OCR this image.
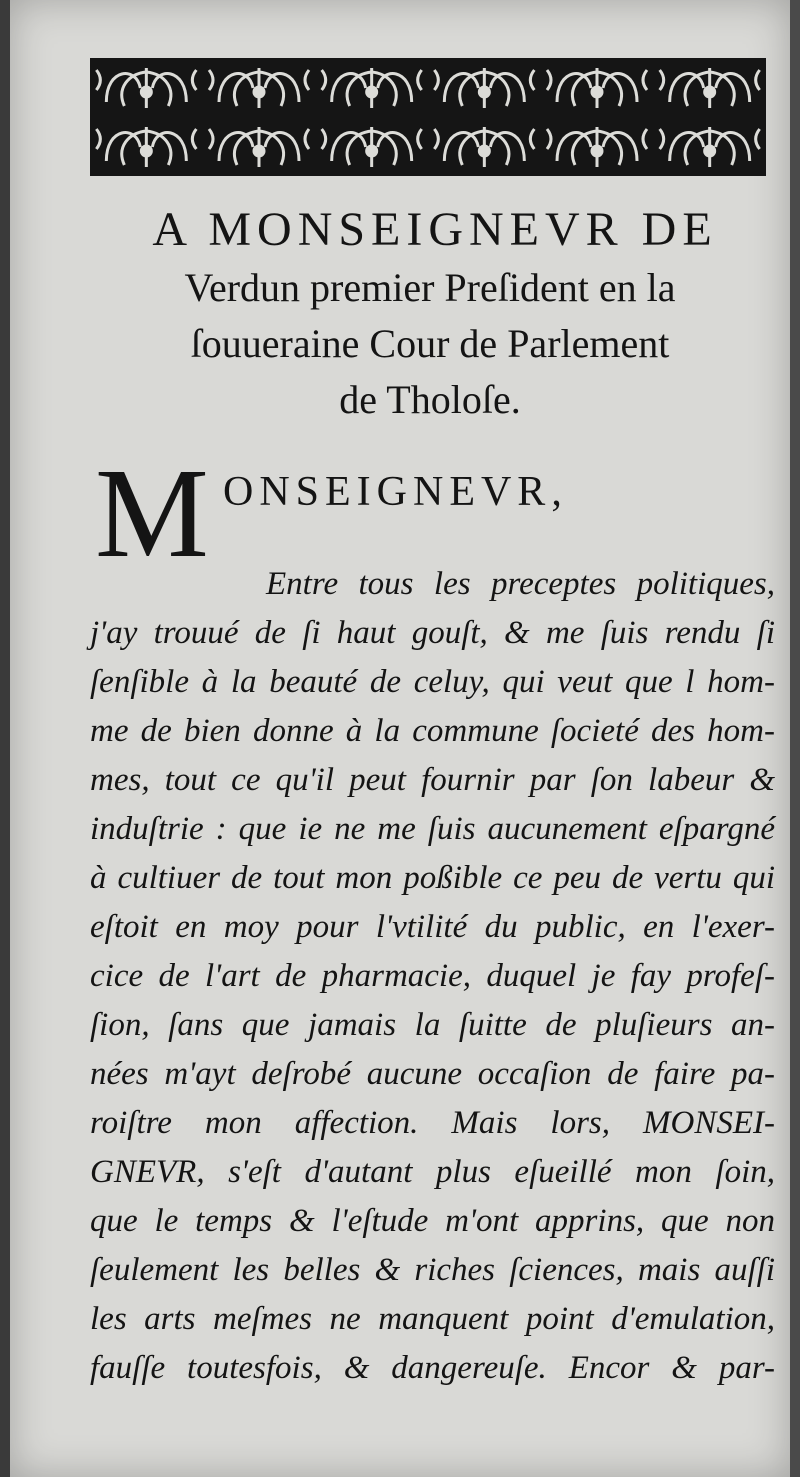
A MONSEIGNEVR DE
Verdun premier Preſident en la
ſouueraine Cour de Parlement
de Tholoſe.
M ONSEIGNEVR,
Entre tous les preceptes politiques,
j'ay trouué de ſi haut gouſt, & me ſuis rendu ſi
ſenſible à la beauté de celuy, qui veut que l hom-
me de bien donne à la commune ſocieté des hom-
mes, tout ce qu'il peut fournir par ſon labeur &
induſtrie : que ie ne me ſuis aucunement eſpargné
à cultiuer de tout mon poßible ce peu de vertu qui
eſtoit en moy pour l'vtilité du public, en l'exer-
cice de l'art de pharmacie, duquel je fay profeſ-
ſion, ſans que jamais la ſuitte de pluſieurs an-
nées m'ayt deſrobé aucune occaſion de faire pa-
roiſtre mon affection. Mais lors, MONSEI-
GNEVR, s'eſt d'autant plus eſueillé mon ſoin,
que le temps & l'eſtude m'ont apprins, que non
ſeulement les belles & riches ſciences, mais auſſi
les arts meſmes ne manquent point d'emulation,
fauſſe toutesfois, & dangereuſe. Encor & par-
